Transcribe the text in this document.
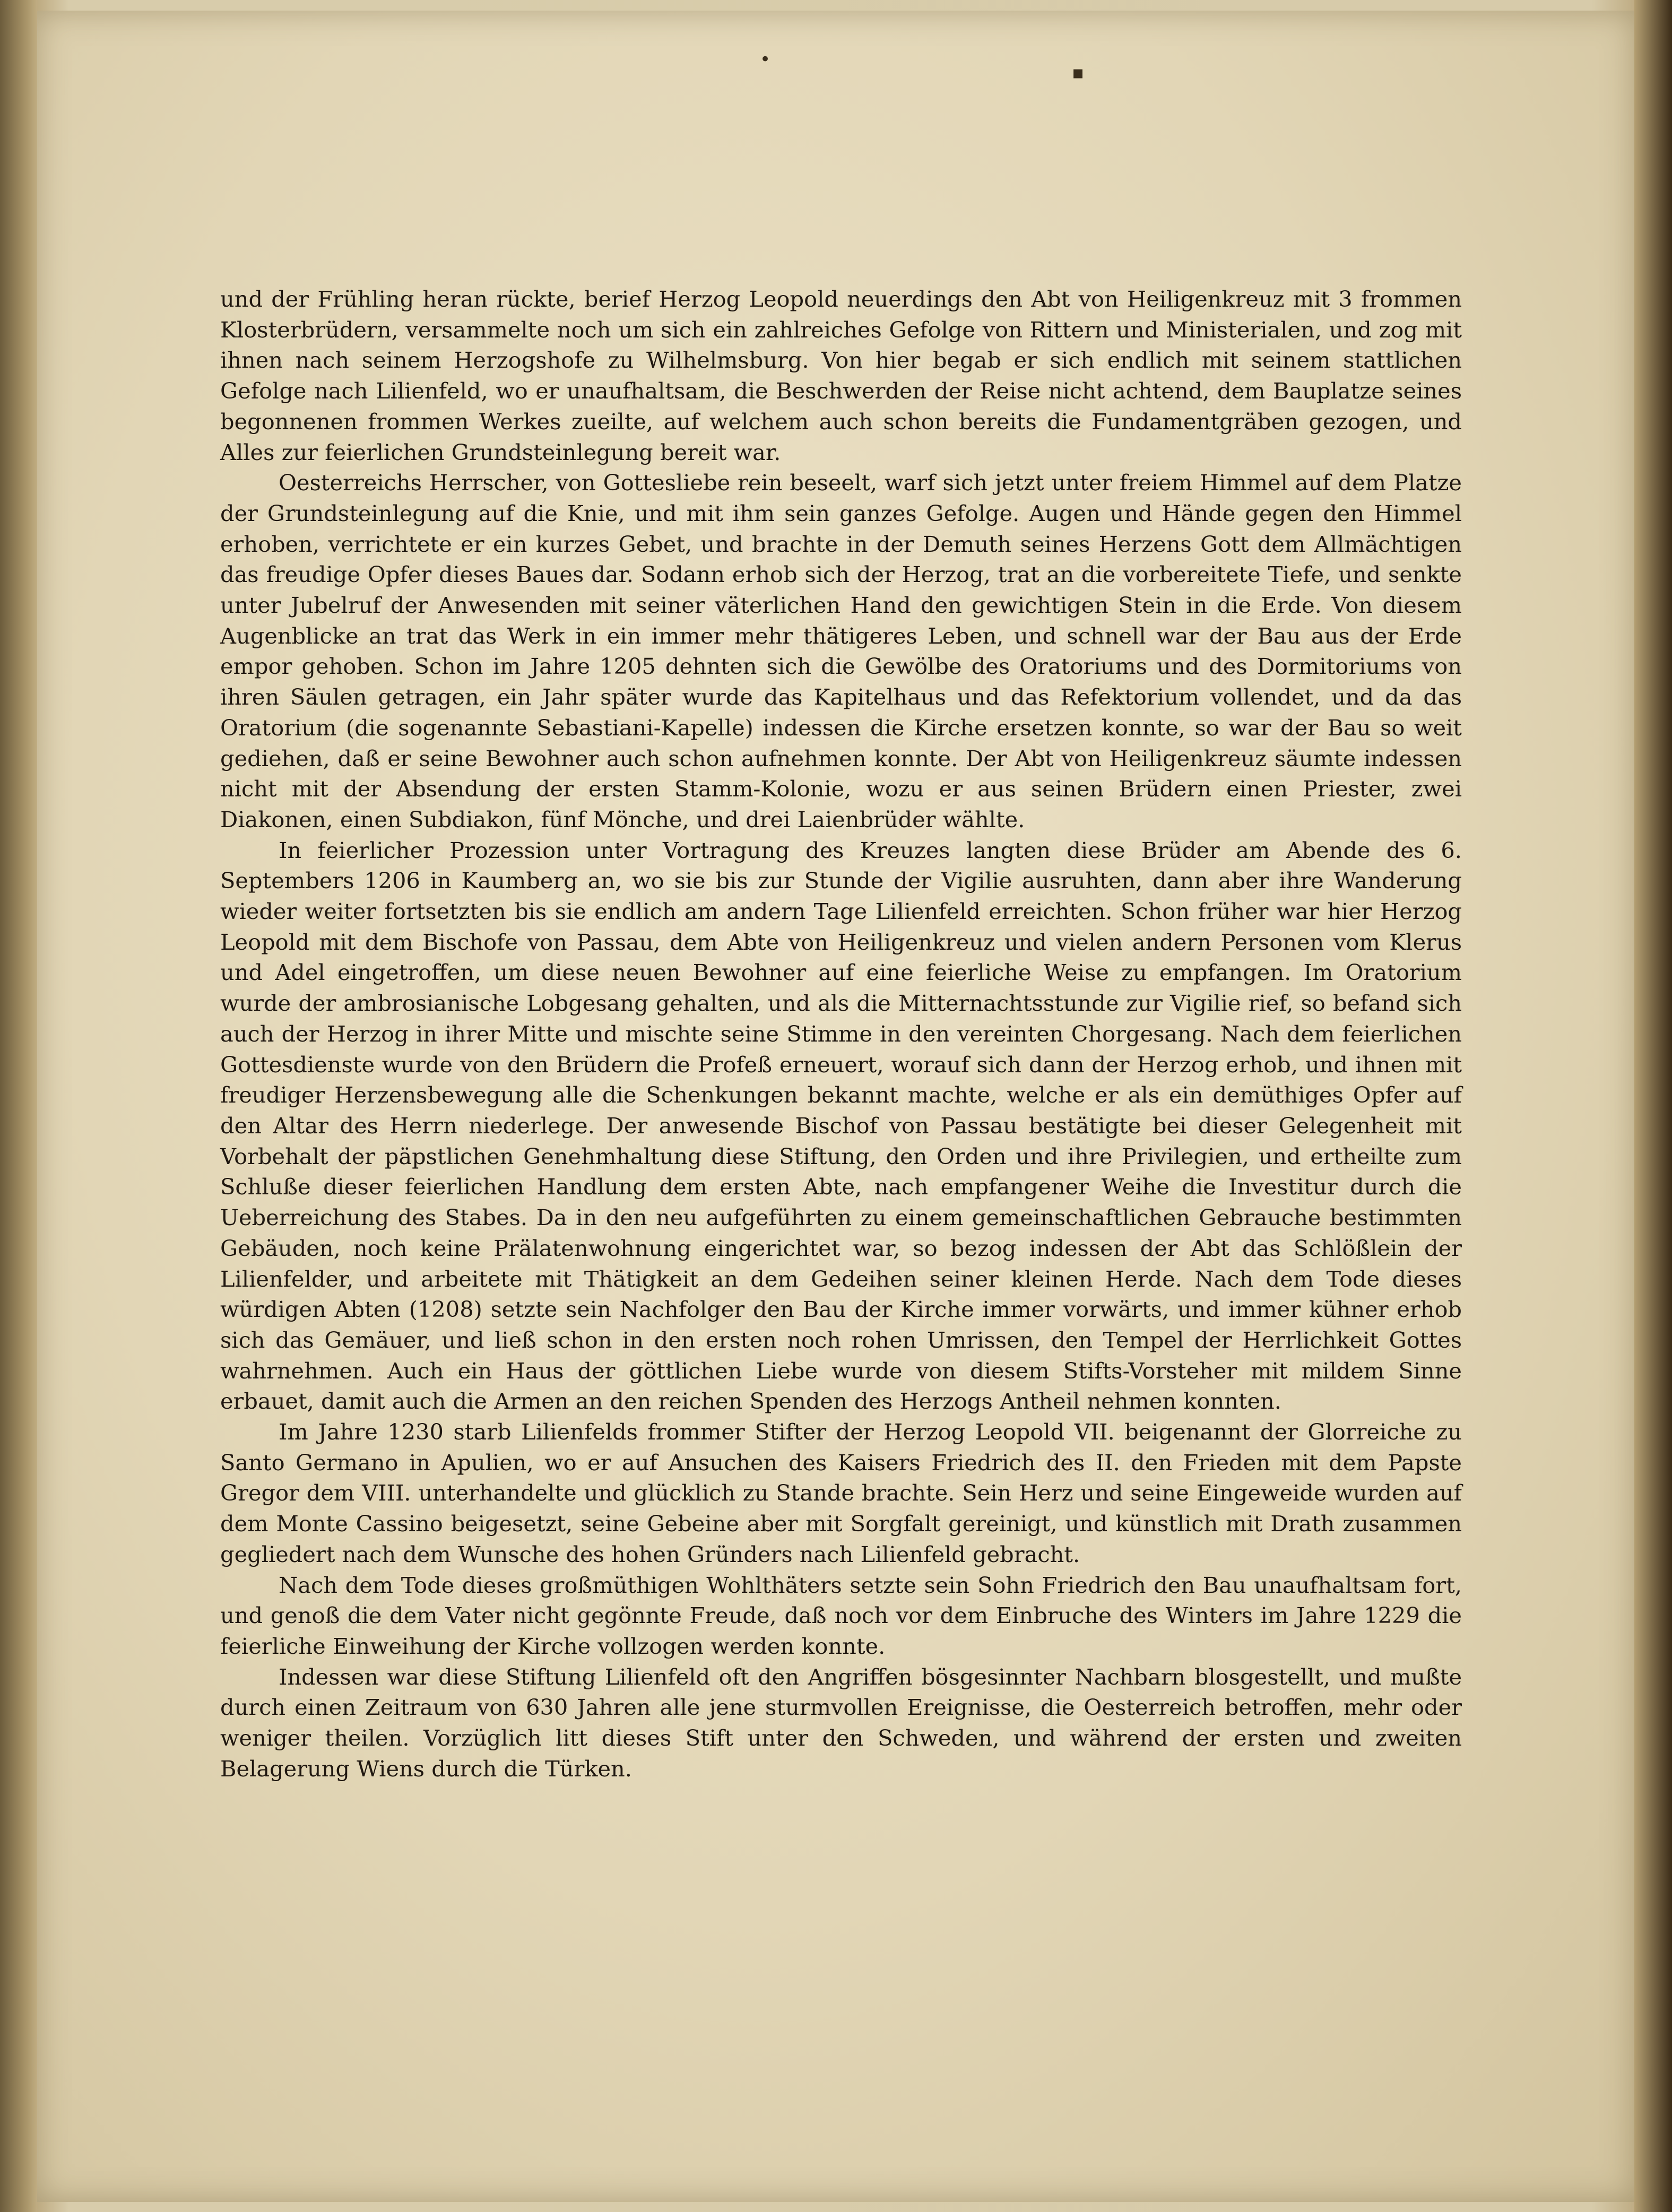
•
▪

und der Frühling heran rückte, berief Herzog Leopold neuerdings den Abt von Heiligenkreuz mit 3 frommen Klosterbrüdern, versammelte noch um sich ein zahlreiches Gefolge von Rittern und Ministerialen, und zog mit ihnen nach seinem Herzogshofe zu Wilhelmsburg. Von hier begab er sich endlich mit seinem stattlichen Gefolge nach Lilienfeld, wo er unaufhaltsam, die Beschwerden der Reise nicht achtend, dem Bauplatze seines begonnenen frommen Werkes zueilte, auf welchem auch schon bereits die Fundamentgräben gezogen, und Alles zur feierlichen Grundsteinlegung bereit war.

Oesterreichs Herrscher, von Gottesliebe rein beseelt, warf sich jetzt unter freiem Himmel auf dem Platze der Grundsteinlegung auf die Knie, und mit ihm sein ganzes Gefolge. Augen und Hände gegen den Himmel erhoben, verrichtete er ein kurzes Gebet, und brachte in der Demuth seines Herzens Gott dem Allmächtigen das freudige Opfer dieses Baues dar. Sodann erhob sich der Herzog, trat an die vorbereitete Tiefe, und senkte unter Jubelruf der Anwesenden mit seiner väterlichen Hand den gewichtigen Stein in die Erde. Von diesem Augenblicke an trat das Werk in ein immer mehr thätigeres Leben, und schnell war der Bau aus der Erde empor gehoben. Schon im Jahre 1205 dehnten sich die Gewölbe des Oratoriums und des Dormitoriums von ihren Säulen getragen, ein Jahr später wurde das Kapitelhaus und das Refektorium vollendet, und da das Oratorium (die sogenannte Sebastiani-Kapelle) indessen die Kirche ersetzen konnte, so war der Bau so weit gediehen, daß er seine Bewohner auch schon aufnehmen konnte. Der Abt von Heiligenkreuz säumte indessen nicht mit der Absendung der ersten Stamm-Kolonie, wozu er aus seinen Brüdern einen Priester, zwei Diakonen, einen Subdiakon, fünf Mönche, und drei Laienbrüder wählte.

In feierlicher Prozession unter Vortragung des Kreuzes langten diese Brüder am Abende des 6. Septembers 1206 in Kaumberg an, wo sie bis zur Stunde der Vigilie ausruhten, dann aber ihre Wanderung wieder weiter fortsetzten bis sie endlich am andern Tage Lilienfeld erreichten. Schon früher war hier Herzog Leopold mit dem Bischofe von Passau, dem Abte von Heiligenkreuz und vielen andern Personen vom Klerus und Adel eingetroffen, um diese neuen Bewohner auf eine feierliche Weise zu empfangen. Im Oratorium wurde der ambrosianische Lobgesang gehalten, und als die Mitternachtsstunde zur Vigilie rief, so befand sich auch der Herzog in ihrer Mitte und mischte seine Stimme in den vereinten Chorgesang. Nach dem feierlichen Gottesdienste wurde von den Brüdern die Profeß erneuert, worauf sich dann der Herzog erhob, und ihnen mit freudiger Herzensbewegung alle die Schenkungen bekannt machte, welche er als ein demüthiges Opfer auf den Altar des Herrn niederlege. Der anwesende Bischof von Passau bestätigte bei dieser Gelegenheit mit Vorbehalt der päpstlichen Genehmhaltung diese Stiftung, den Orden und ihre Privilegien, und ertheilte zum Schluße dieser feierlichen Handlung dem ersten Abte, nach empfangener Weihe die Investitur durch die Ueberreichung des Stabes. Da in den neu aufgeführten zu einem gemeinschaftlichen Gebrauche bestimmten Gebäuden, noch keine Prälatenwohnung eingerichtet war, so bezog indessen der Abt das Schlößlein der Lilienfelder, und arbeitete mit Thätigkeit an dem Gedeihen seiner kleinen Herde. Nach dem Tode dieses würdigen Abten (1208) setzte sein Nachfolger den Bau der Kirche immer vorwärts, und immer kühner erhob sich das Gemäuer, und ließ schon in den ersten noch rohen Umrissen, den Tempel der Herrlichkeit Gottes wahrnehmen. Auch ein Haus der göttlichen Liebe wurde von diesem Stifts-Vorsteher mit mildem Sinne erbauet, damit auch die Armen an den reichen Spenden des Herzogs Antheil nehmen konnten.

Im Jahre 1230 starb Lilienfelds frommer Stifter der Herzog Leopold VII. beigenannt der Glorreiche zu Santo Germano in Apulien, wo er auf Ansuchen des Kaisers Friedrich des II. den Frieden mit dem Papste Gregor dem VIII. unterhandelte und glücklich zu Stande brachte. Sein Herz und seine Eingeweide wurden auf dem Monte Cassino beigesetzt, seine Gebeine aber mit Sorgfalt gereinigt, und künstlich mit Drath zusammen gegliedert nach dem Wunsche des hohen Gründers nach Lilienfeld gebracht.

Nach dem Tode dieses großmüthigen Wohlthäters setzte sein Sohn Friedrich den Bau unaufhaltsam fort, und genoß die dem Vater nicht gegönnte Freude, daß noch vor dem Einbruche des Winters im Jahre 1229 die feierliche Einweihung der Kirche vollzogen werden konnte.

Indessen war diese Stiftung Lilienfeld oft den Angriffen bösgesinnter Nachbarn blosgestellt, und mußte durch einen Zeitraum von 630 Jahren alle jene sturmvollen Ereignisse, die Oesterreich betroffen, mehr oder weniger theilen. Vorzüglich litt dieses Stift unter den Schweden, und während der ersten und zweiten Belagerung Wiens durch die Türken.
